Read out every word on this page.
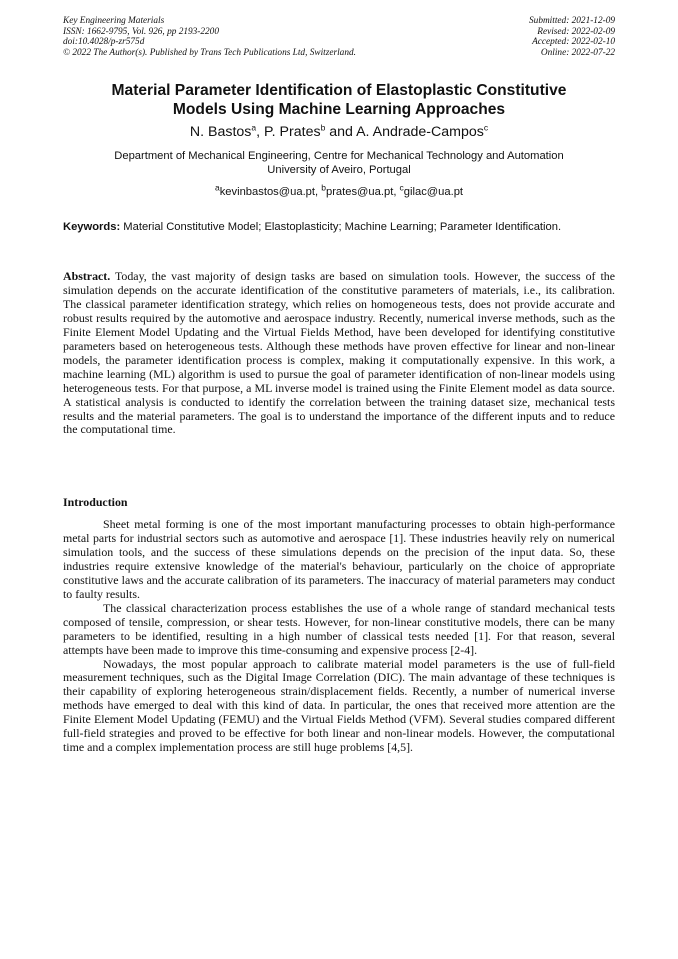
Key Engineering Materials
ISSN: 1662-9795, Vol. 926, pp 2193-2200
doi:10.4028/p-zr575d
© 2022 The Author(s). Published by Trans Tech Publications Ltd, Switzerland.
Submitted: 2021-12-09
Revised: 2022-02-09
Accepted: 2022-02-10
Online: 2022-07-22
Material Parameter Identification of Elastoplastic Constitutive
Models Using Machine Learning Approaches
N. Bastos$^a$, P. Prates$^b$ and A. Andrade-Campos$^c$
Department of Mechanical Engineering, Centre for Mechanical Technology and Automation
University of Aveiro, Portugal
$^a$kevinbastos@ua.pt, $^b$prates@ua.pt, $^c$gilac@ua.pt
Keywords: Material Constitutive Model; Elastoplasticity; Machine Learning; Parameter Identification.
Abstract. Today, the vast majority of design tasks are based on simulation tools. However, the success of the simulation depends on the accurate identification of the constitutive parameters of materials, i.e., its calibration. The classical parameter identification strategy, which relies on homogeneous tests, does not provide accurate and robust results required by the automotive and aerospace industry. Recently, numerical inverse methods, such as the Finite Element Model Updating and the Virtual Fields Method, have been developed for identifying constitutive parameters based on heterogeneous tests. Although these methods have proven effective for linear and non-linear models, the parameter identification process is complex, making it computationally expensive. In this work, a machine learning (ML) algorithm is used to pursue the goal of parameter identification of non-linear models using heterogeneous tests. For that purpose, a ML inverse model is trained using the Finite Element model as data source. A statistical analysis is conducted to identify the correlation between the training dataset size, mechanical tests results and the material parameters. The goal is to understand the importance of the different inputs and to reduce the computational time.
Introduction

Sheet metal forming is one of the most important manufacturing processes to obtain high-performance metal parts for industrial sectors such as automotive and aerospace [1]. These industries heavily rely on numerical simulation tools, and the success of these simulations depends on the precision of the input data. So, these industries require extensive knowledge of the material's behaviour, particularly on the choice of appropriate constitutive laws and the accurate calibration of its parameters. The inaccuracy of material parameters may conduct to faulty results.

The classical characterization process establishes the use of a whole range of standard mechanical tests composed of tensile, compression, or shear tests. However, for non-linear constitutive models, there can be many parameters to be identified, resulting in a high number of classical tests needed [1]. For that reason, several attempts have been made to improve this time-consuming and expensive process [2-4].

Nowadays, the most popular approach to calibrate material model parameters is the use of full-field measurement techniques, such as the Digital Image Correlation (DIC). The main advantage of these techniques is their capability of exploring heterogeneous strain/displacement fields. Recently, a number of numerical inverse methods have emerged to deal with this kind of data. In particular, the ones that received more attention are the Finite Element Model Updating (FEMU) and the Virtual Fields Method (VFM). Several studies compared different full-field strategies and proved to be effective for both linear and non-linear models. However, the computational time and a complex implementation process are still huge problems [4,5].
